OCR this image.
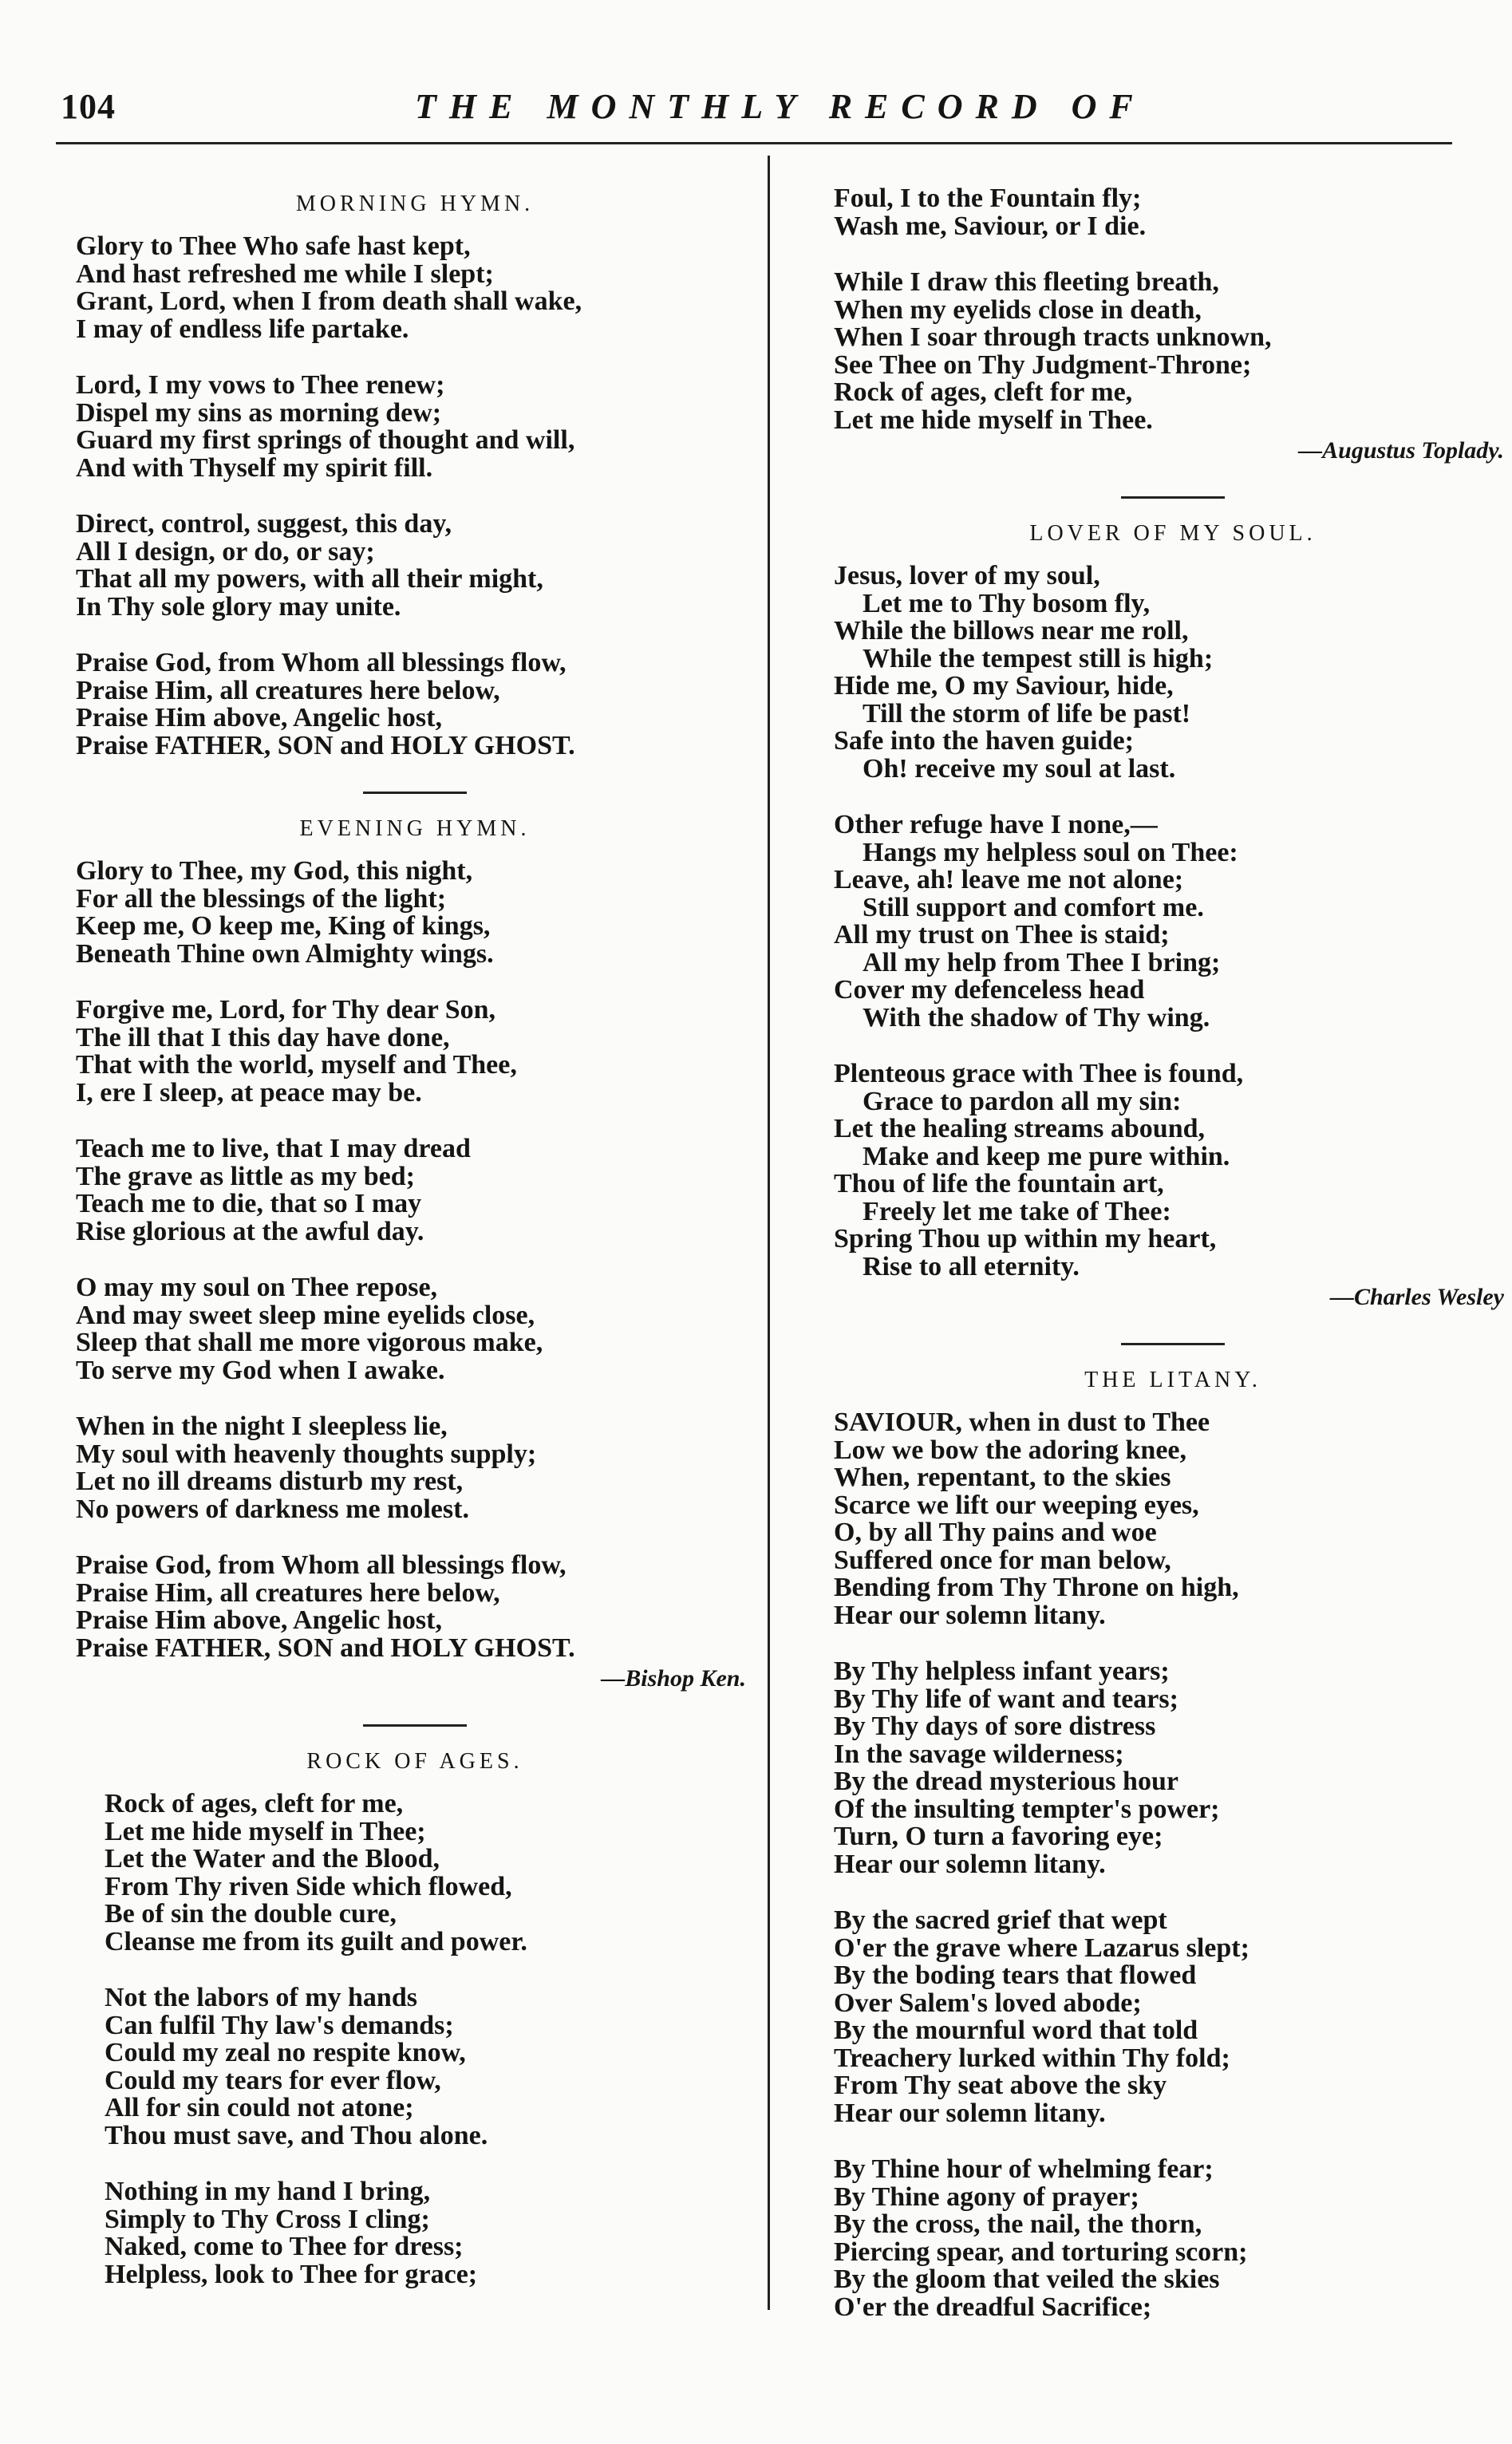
104	THE MONTHLY RECORD OF
MORNING HYMN.
Glory to Thee Who safe hast kept,
And hast refreshed me while I slept;
Grant, Lord, when I from death shall wake,
I may of endless life partake.
Lord, I my vows to Thee renew;
Dispel my sins as morning dew;
Guard my first springs of thought and will,
And with Thyself my spirit fill.
Direct, control, suggest, this day,
All I design, or do, or say;
That all my powers, with all their might,
In Thy sole glory may unite.
Praise God, from Whom all blessings flow,
Praise Him, all creatures here below,
Praise Him above, Angelic host,
Praise FATHER, SON and HOLY GHOST.
EVENING HYMN.
Glory to Thee, my God, this night,
For all the blessings of the light;
Keep me, O keep me, King of kings,
Beneath Thine own Almighty wings.
Forgive me, Lord, for Thy dear Son,
The ill that I this day have done,
That with the world, myself and Thee,
I, ere I sleep, at peace may be.
Teach me to live, that I may dread
The grave as little as my bed;
Teach me to die, that so I may
Rise glorious at the awful day.
O may my soul on Thee repose,
And may sweet sleep mine eyelids close,
Sleep that shall me more vigorous make,
To serve my God when I awake.
When in the night I sleepless lie,
My soul with heavenly thoughts supply;
Let no ill dreams disturb my rest,
No powers of darkness me molest.
Praise God, from Whom all blessings flow,
Praise Him, all creatures here below,
Praise Him above, Angelic host,
Praise FATHER, SON and HOLY GHOST.
—Bishop Ken.
ROCK OF AGES.
Rock of ages, cleft for me,
Let me hide myself in Thee;
Let the Water and the Blood,
From Thy riven Side which flowed,
Be of sin the double cure,
Cleanse me from its guilt and power.
Not the labors of my hands
Can fulfil Thy law's demands;
Could my zeal no respite know,
Could my tears for ever flow,
All for sin could not atone;
Thou must save, and Thou alone.
Nothing in my hand I bring,
Simply to Thy Cross I cling;
Naked, come to Thee for dress;
Helpless, look to Thee for grace;
Foul, I to the Fountain fly;
Wash me, Saviour, or I die.
While I draw this fleeting breath,
When my eyelids close in death,
When I soar through tracts unknown,
See Thee on Thy Judgment-Throne;
Rock of ages, cleft for me,
Let me hide myself in Thee.
—Augustus Toplady.
LOVER OF MY SOUL.
Jesus, lover of my soul,
Let me to Thy bosom fly,
While the billows near me roll,
While the tempest still is high;
Hide me, O my Saviour, hide,
Till the storm of life be past!
Safe into the haven guide;
Oh! receive my soul at last.
Other refuge have I none,—
Hangs my helpless soul on Thee:
Leave, ah! leave me not alone;
Still support and comfort me.
All my trust on Thee is staid;
All my help from Thee I bring;
Cover my defenceless head
With the shadow of Thy wing.
Plenteous grace with Thee is found,
Grace to pardon all my sin:
Let the healing streams abound,
Make and keep me pure within.
Thou of life the fountain art,
Freely let me take of Thee:
Spring Thou up within my heart,
Rise to all eternity.
—Charles Wesley
THE LITANY.
SAVIOUR, when in dust to Thee
Low we bow the adoring knee,
When, repentant, to the skies
Scarce we lift our weeping eyes,
O, by all Thy pains and woe
Suffered once for man below,
Bending from Thy Throne on high,
Hear our solemn litany.
By Thy helpless infant years;
By Thy life of want and tears;
By Thy days of sore distress
In the savage wilderness;
By the dread mysterious hour
Of the insulting tempter's power;
Turn, O turn a favoring eye;
Hear our solemn litany.
By the sacred grief that wept
O'er the grave where Lazarus slept;
By the boding tears that flowed
Over Salem's loved abode;
By the mournful word that told
Treachery lurked within Thy fold;
From Thy seat above the sky
Hear our solemn litany.
By Thine hour of whelming fear;
By Thine agony of prayer;
By the cross, the nail, the thorn,
Piercing spear, and torturing scorn;
By the gloom that veiled the skies
O'er the dreadful Sacrifice;
